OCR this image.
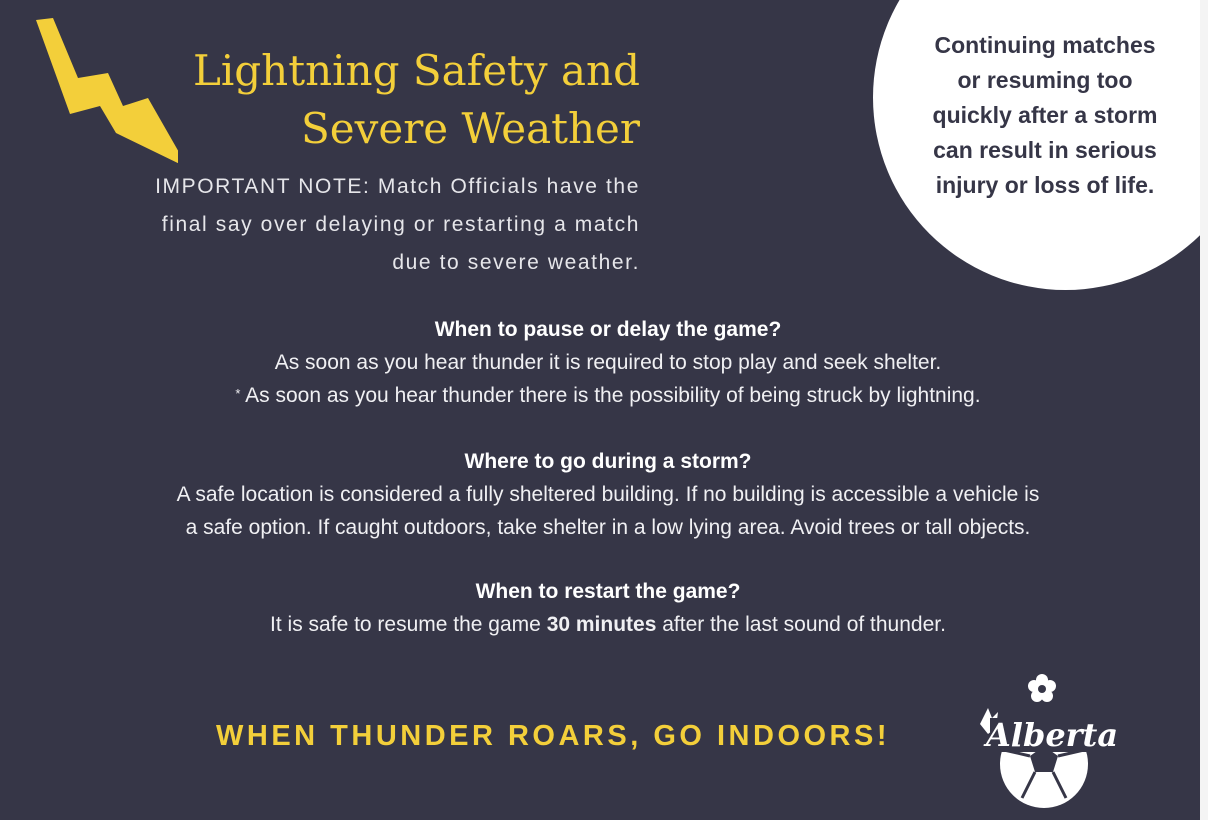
Lightning Safety and
Severe Weather
IMPORTANT NOTE: Match Officials have the
final say over delaying or restarting a match
due to severe weather.
Continuing matches
or resuming too
quickly after a storm
can result in serious
injury or loss of life.
When to pause or delay the game?

As soon as you hear thunder it is required to stop play and seek shelter.

* As soon as you hear thunder there is the possibility of being struck by lightning.

Where to go during a storm?

A safe location is considered a fully sheltered building. If no building is accessible a vehicle is

a safe option. If caught outdoors, take shelter in a low lying area. Avoid trees or tall objects.

When to restart the game?

It is safe to resume the game 30 minutes after the last sound of thunder.

WHEN THUNDER ROARS, GO INDOORS!	Alberta
